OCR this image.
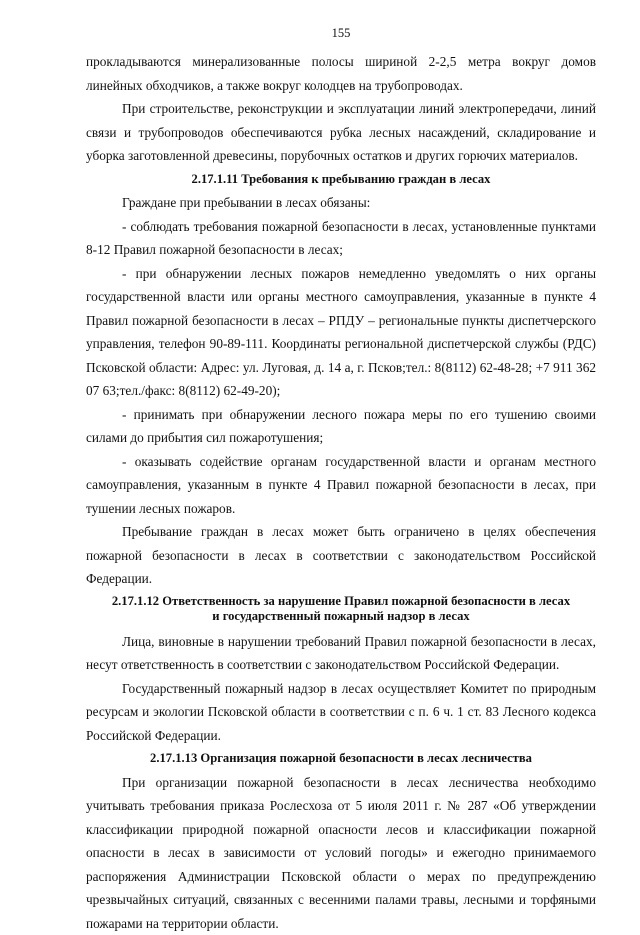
155

прокладываются минерализованные полосы шириной 2-2,5 метра вокруг домов линейных обходчиков, а также вокруг колодцев на трубопроводах.

При строительстве, реконструкции и эксплуатации линий электропередачи, линий связи и трубопроводов обеспечиваются рубка лесных насаждений, складирование и уборка заготовленной древесины, порубочных остатков и других горючих материалов.

2.17.1.11 Требования к пребыванию граждан в лесах

Граждане при пребывании в лесах обязаны:

- соблюдать требования пожарной безопасности в лесах, установленные пунктами 8-12 Правил пожарной безопасности в лесах;

- при обнаружении лесных пожаров немедленно уведомлять о них органы государственной власти или органы местного самоуправления, указанные в пункте 4 Правил пожарной безопасности в лесах – РПДУ – региональные пункты диспетчерского управления, телефон 90-89-111. Координаты региональной диспетчерской службы (РДС) Псковской области: Адрес: ул. Луговая, д. 14 а, г. Псков;тел.: 8(8112) 62-48-28; +7 911 362 07 63;тел./факс: 8(8112) 62-49-20);

- принимать при обнаружении лесного пожара меры по его тушению своими силами до прибытия сил пожаротушения;

- оказывать содействие органам государственной власти и органам местного самоуправления, указанным в пункте 4 Правил пожарной безопасности в лесах, при тушении лесных пожаров.

Пребывание граждан в лесах может быть ограничено в целях обеспечения пожарной безопасности в лесах в соответствии с законодательством Российской Федерации.

2.17.1.12 Ответственность за нарушение Правил пожарной безопасности в лесах
и государственный пожарный надзор в лесах

Лица, виновные в нарушении требований Правил пожарной безопасности в лесах, несут ответственность в соответствии с законодательством Российской Федерации.

Государственный пожарный надзор в лесах осуществляет Комитет по природным ресурсам и экологии Псковской области в соответствии с п. 6 ч. 1 ст. 83 Лесного кодекса Российской Федерации.

2.17.1.13 Организация пожарной безопасности в лесах лесничества

При организации пожарной безопасности в лесах лесничества необходимо учитывать требования приказа Рослесхоза от 5 июля 2011 г. № 287 «Об утверждении классификации природной пожарной опасности лесов и классификации пожарной опасности в лесах в зависимости от условий погоды» и ежегодно принимаемого распоряжения Администрации Псковской области о мерах по предупреждению чрезвычайных ситуаций, связанных с весенними палами травы, лесными и торфяными пожарами на территории области.
